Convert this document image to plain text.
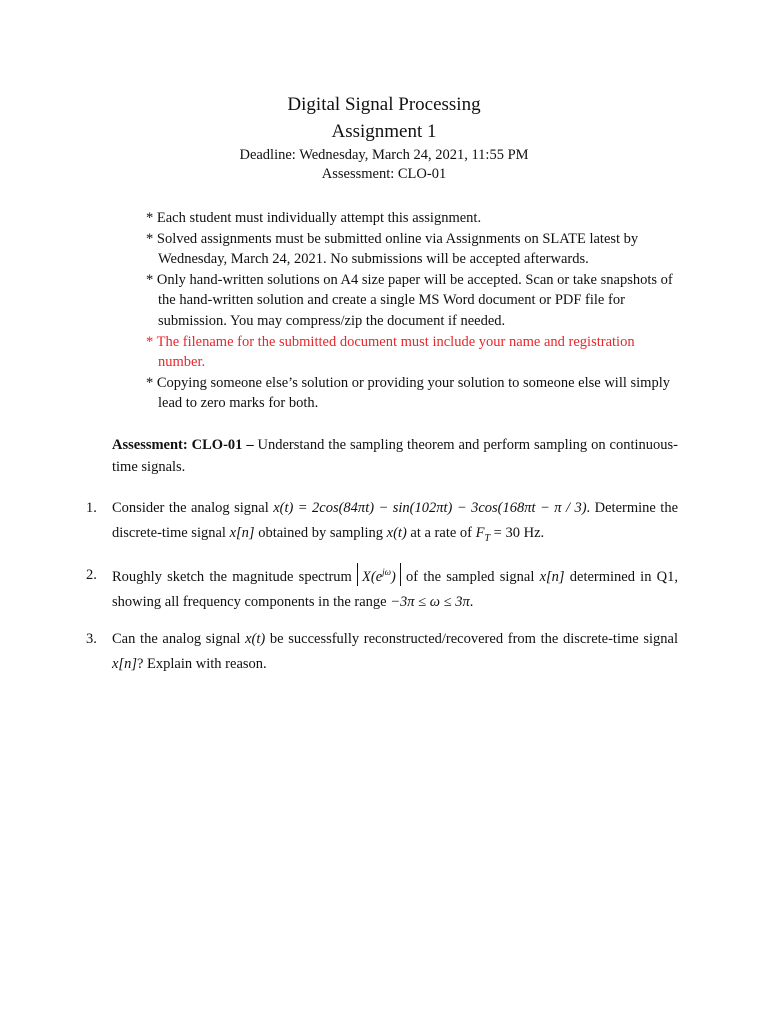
Digital Signal Processing
Assignment 1
Deadline: Wednesday, March 24, 2021, 11:55 PM
Assessment: CLO-01
* Each student must individually attempt this assignment.
* Solved assignments must be submitted online via Assignments on SLATE latest by Wednesday, March 24, 2021. No submissions will be accepted afterwards.
* Only hand-written solutions on A4 size paper will be accepted. Scan or take snapshots of the hand-written solution and create a single MS Word document or PDF file for submission. You may compress/zip the document if needed.
* The filename for the submitted document must include your name and registration number.
* Copying someone else’s solution or providing your solution to someone else will simply lead to zero marks for both.
Assessment: CLO-01 – Understand the sampling theorem and perform sampling on continuous-time signals.
1. Consider the analog signal x(t) = 2cos(84πt) − sin(102πt) − 3cos(168πt − π / 3). Determine the discrete-time signal x[n] obtained by sampling x(t) at a rate of $F_T = 30$ Hz.
2. Roughly sketch the magnitude spectrum $X(e^{j\omega})$ of the sampled signal x[n] determined in Q1, showing all frequency components in the range −3π ≤ ω ≤ 3π.
3. Can the analog signal x(t) be successfully reconstructed/recovered from the discrete-time signal x[n]? Explain with reason.
